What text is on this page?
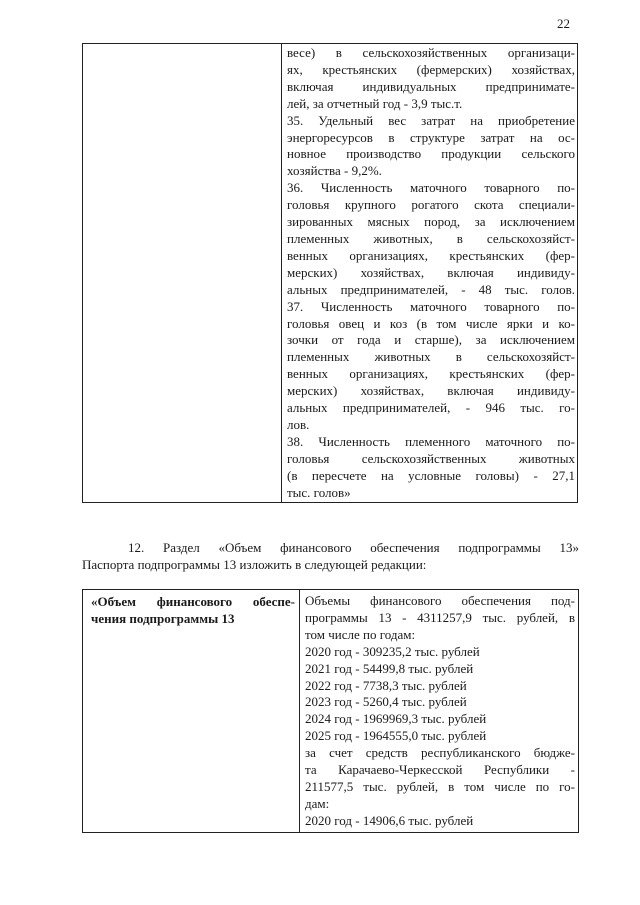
22

весе) в сельскохозяйственных организаци-
ях, крестьянских (фермерских) хозяйствах,
включая индивидуальных предпринимате-
лей, за отчетный год - 3,9 тыс.т.
35. Удельный вес затрат на приобретение
энергоресурсов в структуре затрат на ос-
новное производство продукции сельского
хозяйства - 9,2%.
36. Численность маточного товарного по-
головья крупного рогатого скота специали-
зированных мясных пород, за исключением
племенных животных, в сельскохозяйст-
венных организациях, крестьянских (фер-
мерских) хозяйствах, включая индивиду-
альных предпринимателей, - 48 тыс. голов.
37. Численность маточного товарного по-
головья овец и коз (в том числе ярки и ко-
зочки от года и старше), за исключением
племенных животных в сельскохозяйст-
венных организациях, крестьянских (фер-
мерских) хозяйствах, включая индивиду-
альных предпринимателей, - 946 тыс. го-
лов.
38. Численность племенного маточного по-
головья сельскохозяйственных животных
(в пересчете на условные головы) - 27,1
тыс. голов»
12. Раздел «Объем финансового обеспечения подпрограммы 13»
Паспорта подпрограммы 13 изложить в следующей редакции:
«Объем финансового обеспе-
чения подпрограммы 13

Объемы финансового обеспечения под-
программы 13 - 4311257,9 тыс. рублей, в
том числе по годам:
2020 год - 309235,2 тыс. рублей
2021 год - 54499,8 тыс. рублей
2022 год - 7738,3 тыс. рублей
2023 год - 5260,4 тыс. рублей
2024 год - 1969969,3 тыс. рублей
2025 год - 1964555,0 тыс. рублей
за счет средств республиканского бюдже-
та Карачаево-Черкесской Республики -
211577,5 тыс. рублей, в том числе по го-
дам:
2020 год - 14906,6 тыс. рублей
